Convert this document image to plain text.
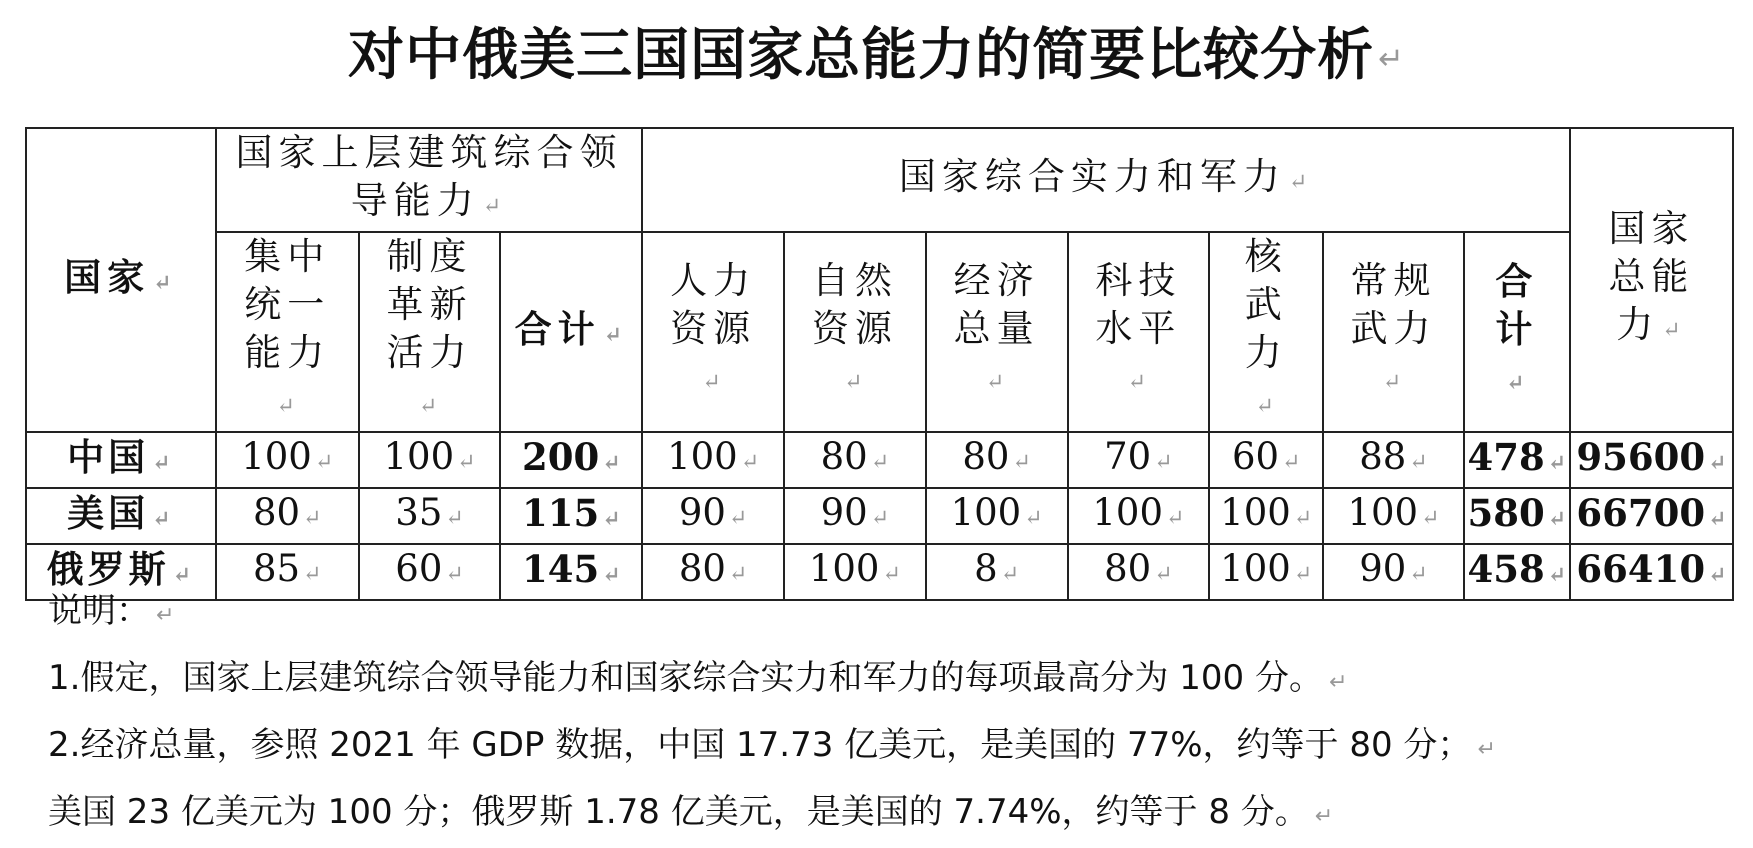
对中俄美三国国家总能力的简要比较分析 ↵
国家 ↵	国家上层建筑综合领导能力 ↵			国家综合实力和军力 ↵							国家总能力 ↵
	集中统一能力↵	制度革新活力↵	合计 ↵	人力资源↵	自然资源↵	经济总量↵	科技水平↵	核武力↵	常规武力↵	合计↵	
中国 ↵	100 ↵	100 ↵	200 ↵	100 ↵	80 ↵	80 ↵	70 ↵	60 ↵	88 ↵	478 ↵	95600 ↵
美国 ↵	80 ↵	35 ↵	115 ↵	90 ↵	90 ↵	100 ↵	100 ↵	100 ↵	100 ↵	580 ↵	66700 ↵
俄罗斯 ↵	85 ↵	60 ↵	145 ↵	80 ↵	100 ↵	8 ↵	80 ↵	100 ↵	90 ↵	458 ↵	66410 ↵
说明： ↵
1.假定，国家上层建筑综合领导能力和国家综合实力和军力的每项最高分为 100 分。 ↵
2.经济总量，参照 2021 年 GDP 数据，中国 17.73 亿美元，是美国的 77%，约等于 80 分； ↵
美国 23 亿美元为 100 分；俄罗斯 1.78 亿美元，是美国的 7.74%，约等于 8 分。 ↵
